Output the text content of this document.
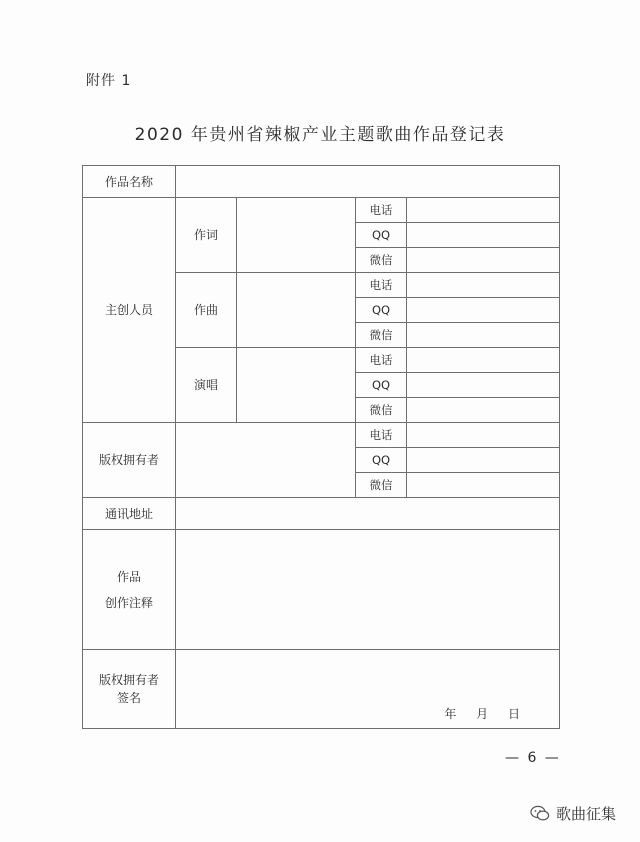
附件 1
2020 年贵州省辣椒产业主题歌曲作品登记表
作品名称				
主创人员	作词		电话	
			QQ	
			微信	
	作曲		电话	
			QQ	
			微信	
	演唱		电话	
			QQ	
			微信	
版权拥有者			电话	
			QQ	
			微信	
通讯地址				

作品
创作注释				

版权拥有者
签名	年 月 日			
— 6 —
歌曲征集
